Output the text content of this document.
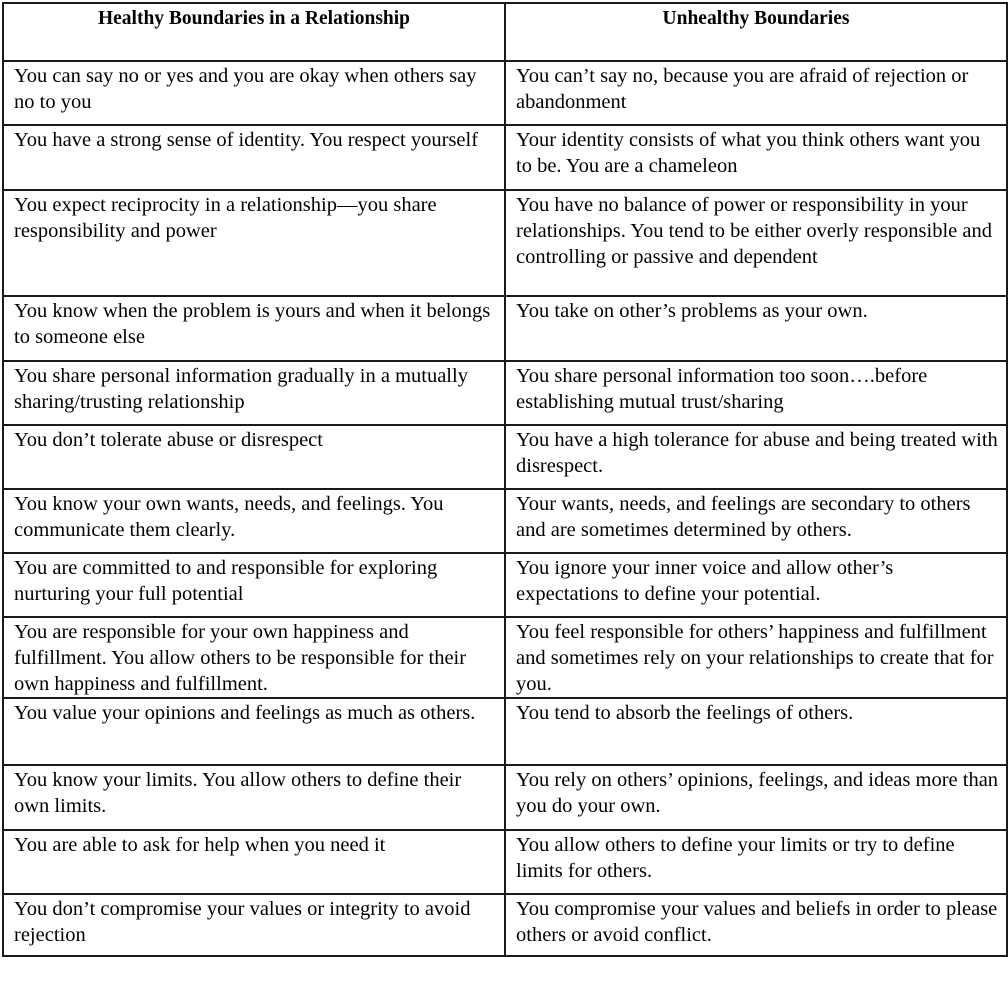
Healthy Boundaries in a Relationship	Unhealthy Boundaries
You can say no or yes and you are okay when others say no to you	You can’t say no, because you are afraid of rejection or abandonment
You have a strong sense of identity. You respect yourself	Your identity consists of what you think others want you to be. You are a chameleon
You expect reciprocity in a relationship—you share responsibility and power	You have no balance of power or responsibility in your relationships. You tend to be either overly responsible and controlling or passive and dependent
You know when the problem is yours and when it belongs to someone else	You take on other’s problems as your own.
You share personal information gradually in a mutually sharing/trusting relationship	You share personal information too soon….before establishing mutual trust/sharing
You don’t tolerate abuse or disrespect	You have a high tolerance for abuse and being treated with disrespect.
You know your own wants, needs, and feelings. You communicate them clearly.	Your wants, needs, and feelings are secondary to others and are sometimes determined by others.
You are committed to and responsible for exploring nurturing your full potential	You ignore your inner voice and allow other’s expectations to define your potential.
You are responsible for your own happiness and fulfillment. You allow others to be responsible for their own happiness and fulfillment.	You feel responsible for others’ happiness and fulfillment and sometimes rely on your relationships to create that for you.
You value your opinions and feelings as much as others.	You tend to absorb the feelings of others.
You know your limits. You allow others to define their own limits.	You rely on others’ opinions, feelings, and ideas more than you do your own.
You are able to ask for help when you need it	You allow others to define your limits or try to define limits for others.
You don’t compromise your values or integrity to avoid rejection	You compromise your values and beliefs in order to please others or avoid conflict.
